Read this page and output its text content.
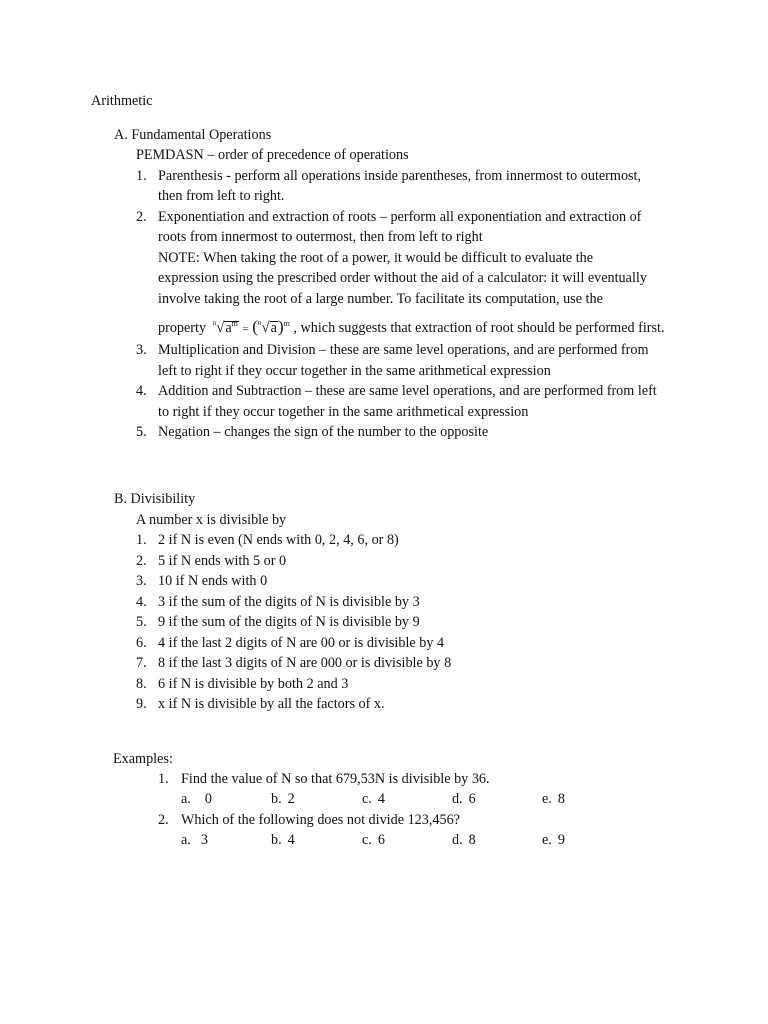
Arithmetic
A. Fundamental Operations
PEMDASN – order of precedence of operations
1. Parenthesis - perform all operations inside parentheses, from innermost to outermost,
then from left to right.
2. Exponentiation and extraction of roots – perform all exponentiation and extraction of
roots from innermost to outermost, then from left to right
NOTE: When taking the root of a power, it would be difficult to evaluate the
expression using the prescribed order without the aid of a calculator: it will eventually
involve taking the root of a large number. To facilitate its computation, use the
property $^n√a^m = (^n√a)^m$ , which suggests that extraction of root should be performed first.
3. Multiplication and Division – these are same level operations, and are performed from
left to right if they occur together in the same arithmetical expression
4. Addition and Subtraction – these are same level operations, and are performed from left
to right if they occur together in the same arithmetical expression
5. Negation – changes the sign of the number to the opposite
B. Divisibility
A number x is divisible by
1. 2 if N is even (N ends with 0, 2, 4, 6, or 8)
2. 5 if N ends with 5 or 0
3. 10 if N ends with 0
4. 3 if the sum of the digits of N is divisible by 3
5. 9 if the sum of the digits of N is divisible by 9
6. 4 if the last 2 digits of N are 00 or is divisible by 4
7. 8 if the last 3 digits of N are 000 or is divisible by 8
8. 6 if N is divisible by both 2 and 3
9. x if N is divisible by all the factors of x.
Examples:
1. Find the value of N so that 679,53N is divisible by 36.
a. 0	b. 2	c. 4	d. 6	e. 8
2. Which of the following does not divide 123,456?
a. 3	b. 4	c. 6	d. 8	e. 9
